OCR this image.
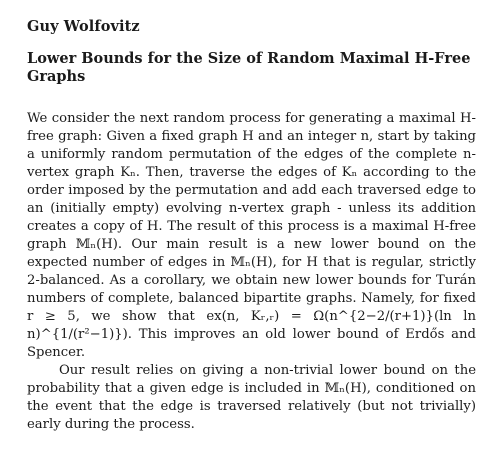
Guy Wolfovitz
Lower Bounds for the Size of Random Maximal H-Free Graphs

We consider the next random process for generating a maximal H-free graph: Given a fixed graph H and an integer n, start by taking a uniformly random permutation of the edges of the complete n-vertex graph Kₙ. Then, traverse the edges of Kₙ according to the order imposed by the permutation and add each traversed edge to an (initially empty) evolving n-vertex graph - unless its addition creates a copy of H. The result of this process is a maximal H-free graph 𝕄ₙ(H). Our main result is a new lower bound on the expected number of edges in 𝕄ₙ(H), for H that is regular, strictly 2-balanced. As a corollary, we obtain new lower bounds for Turán numbers of complete, balanced bipartite graphs. Namely, for fixed r ≥ 5, we show that ex(n, Kᵣ,ᵣ) = Ω(n^{2−2/(r+1)}(ln ln n)^{1/(r²−1)}). This improves an old lower bound of Erdős and Spencer.

Our result relies on giving a non-trivial lower bound on the probability that a given edge is included in 𝕄ₙ(H), conditioned on the event that the edge is traversed relatively (but not trivially) early during the process.
